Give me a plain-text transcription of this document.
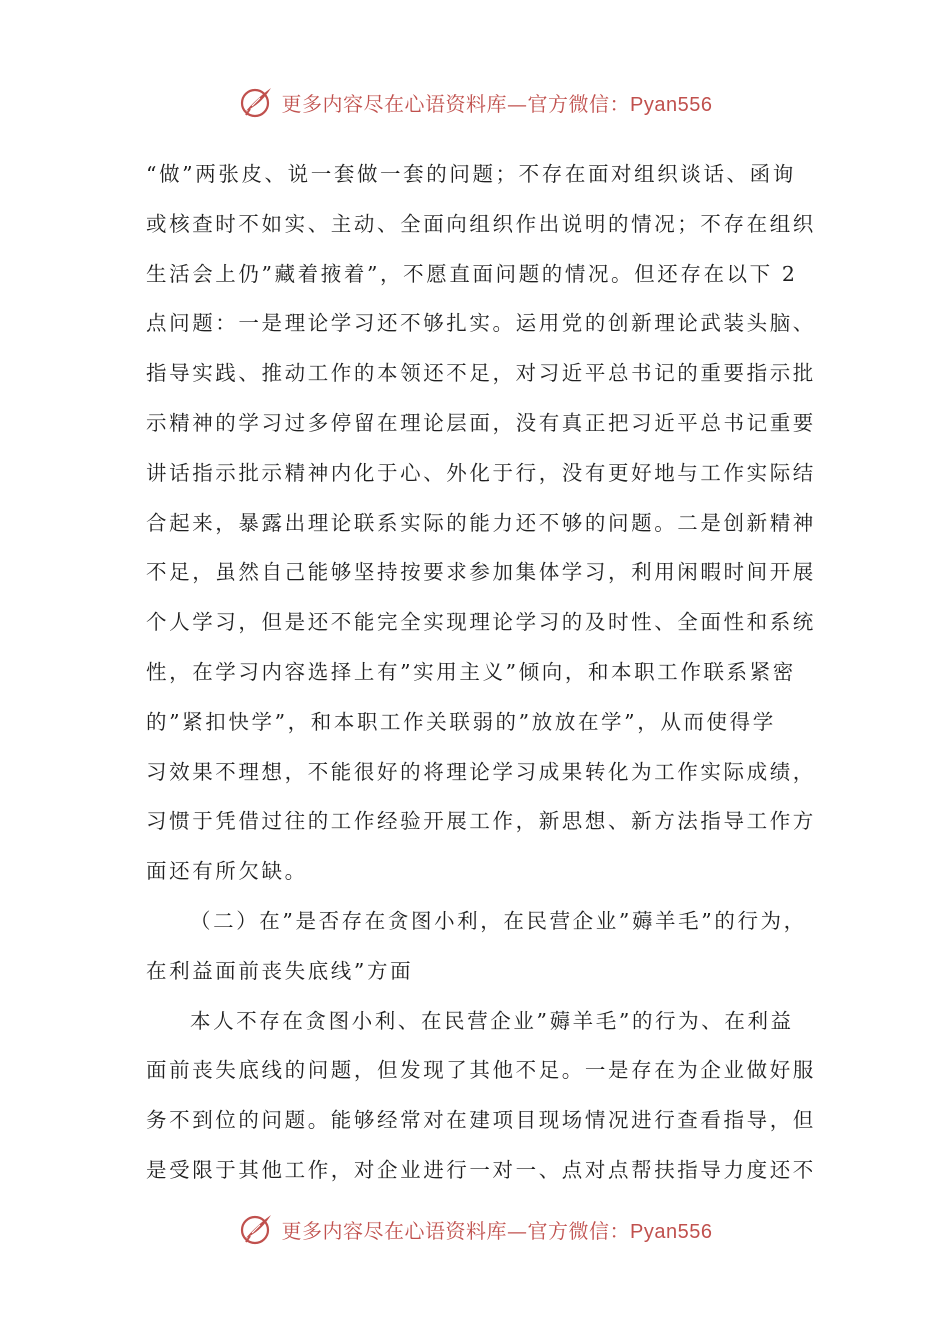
更多内容尽在心语资料库—官方微信：Pyan556
“做”两张皮、说一套做一套的问题；不存在面对组织谈话、函询
或核查时不如实、主动、全面向组织作出说明的情况；不存在组织
生活会上仍”藏着掖着”，不愿直面问题的情况。但还存在以下 2
点问题：一是理论学习还不够扎实。运用党的创新理论武装头脑、
指导实践、推动工作的本领还不足，对习近平总书记的重要指示批
示精神的学习过多停留在理论层面，没有真正把习近平总书记重要
讲话指示批示精神内化于心、外化于行，没有更好地与工作实际结
合起来，暴露出理论联系实际的能力还不够的问题。二是创新精神
不足，虽然自己能够坚持按要求参加集体学习，利用闲暇时间开展
个人学习，但是还不能完全实现理论学习的及时性、全面性和系统
性，在学习内容选择上有”实用主义”倾向，和本职工作联系紧密
的”紧扣快学”，和本职工作关联弱的”放放在学”，从而使得学
习效果不理想，不能很好的将理论学习成果转化为工作实际成绩，
习惯于凭借过往的工作经验开展工作，新思想、新方法指导工作方
面还有所欠缺。
（二）在”是否存在贪图小利，在民营企业”薅羊毛”的行为，
在利益面前丧失底线”方面
本人不存在贪图小利、在民营企业”薅羊毛”的行为、在利益
面前丧失底线的问题，但发现了其他不足。一是存在为企业做好服
务不到位的问题。能够经常对在建项目现场情况进行查看指导，但
是受限于其他工作，对企业进行一对一、点对点帮扶指导力度还不
更多内容尽在心语资料库—官方微信：Pyan556
